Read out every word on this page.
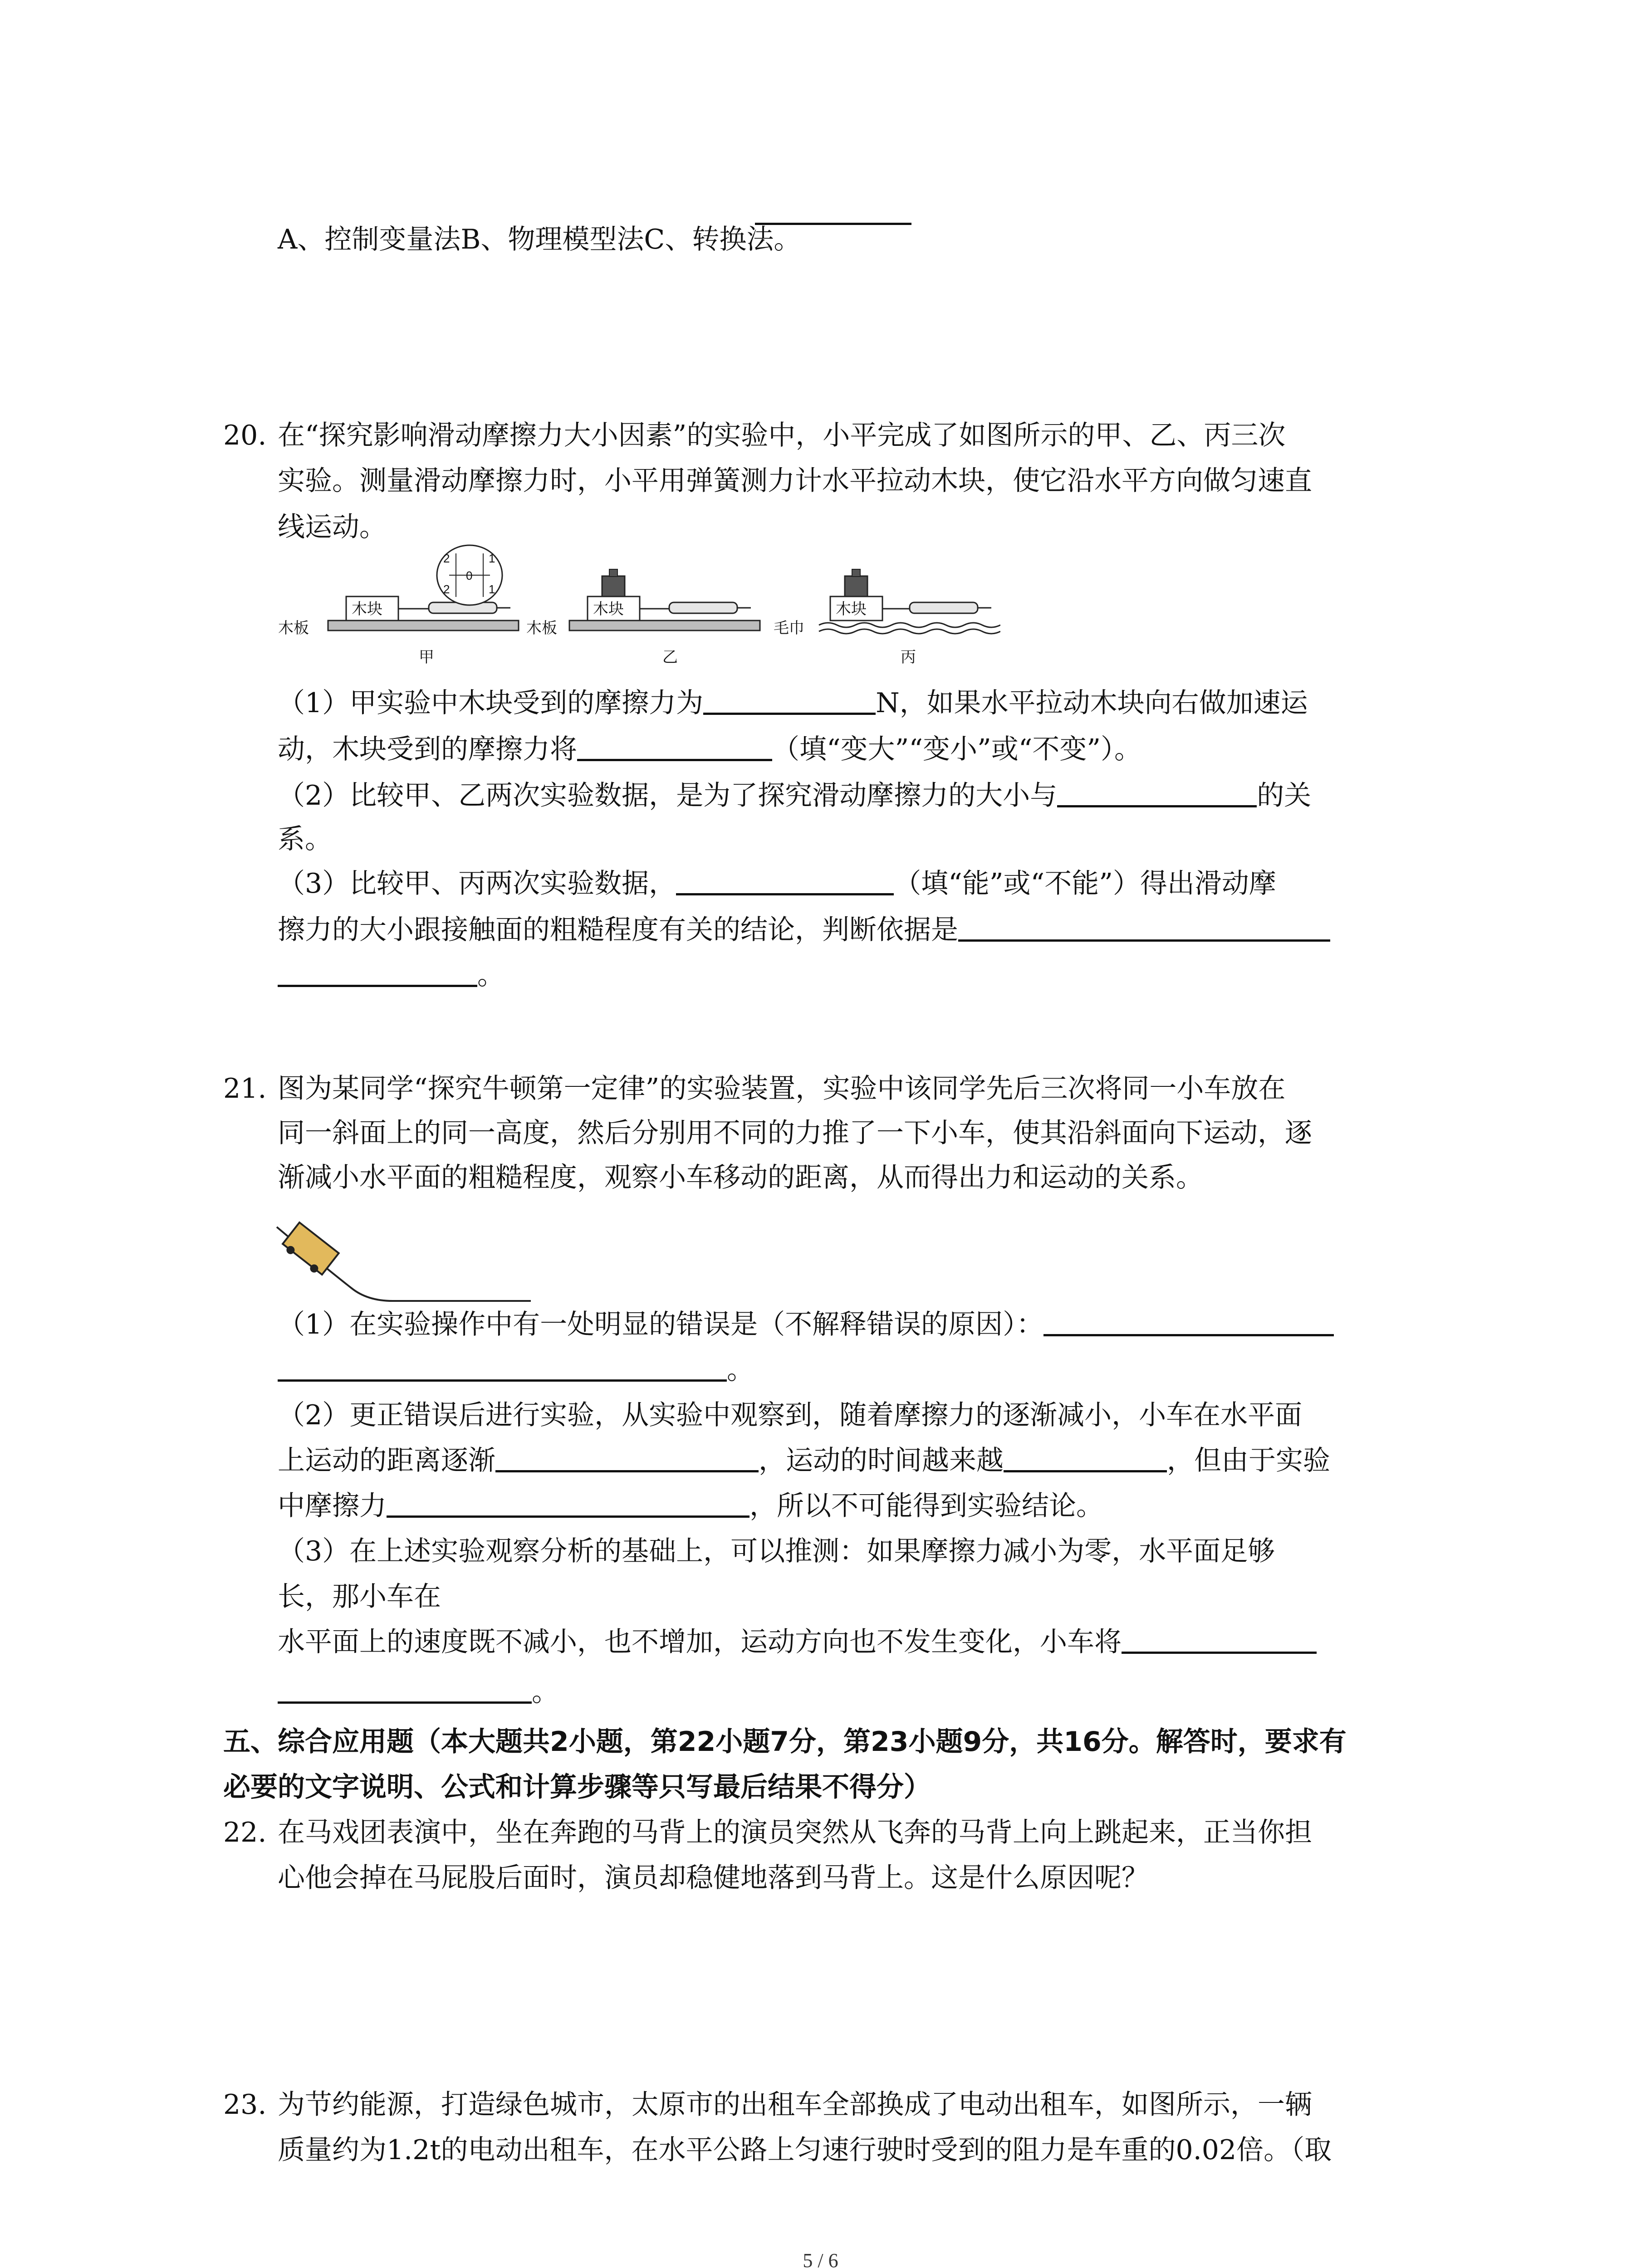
A、控制变量法B、物理模型法C、转换法。
20. 在“探究影响滑动摩擦力大小因素”的实验中，小平完成了如图所示的甲、乙、丙三次
实验。测量滑动摩擦力时，小平用弹簧测力计水平拉动木块，使它沿水平方向做匀速直
线运动。
木块
2	1
0
2	1
木板
甲
木块
木板
乙
木块
毛巾
丙
（1）甲实验中木块受到的摩擦力为	N，如果水平拉动木块向右做加速运
动，木块受到的摩擦力将	（填“变大”“变小”或“不变”）。
（2）比较甲、乙两次实验数据，是为了探究滑动摩擦力的大小与	的关
系。
（3）比较甲、丙两次实验数据，	（填“能”或“不能”）得出滑动摩
擦力的大小跟接触面的粗糙程度有关的结论，判断依据是
。
21. 图为某同学“探究牛顿第一定律”的实验装置，实验中该同学先后三次将同一小车放在
同一斜面上的同一高度，然后分别用不同的力推了一下小车，使其沿斜面向下运动，逐
渐减小水平面的粗糙程度，观察小车移动的距离，从而得出力和运动的关系。
（1）在实验操作中有一处明显的错误是（不解释错误的原因）：
。
（2）更正错误后进行实验，从实验中观察到，随着摩擦力的逐渐减小，小车在水平面
上运动的距离逐渐	，运动的时间越来越	，但由于实验
中摩擦力	，所以不可能得到实验结论。
（3）在上述实验观察分析的基础上，可以推测：如果摩擦力减小为零，水平面足够
长，那小车在
水平面上的速度既不减小，也不增加，运动方向也不发生变化，小车将
。
五、综合应用题（本大题共2小题，第22小题7分，第23小题9分，共16分。解答时，要求有
必要的文字说明、公式和计算步骤等只写最后结果不得分）
22. 在马戏团表演中，坐在奔跑的马背上的演员突然从飞奔的马背上向上跳起来，正当你担
心他会掉在马屁股后面时，演员却稳健地落到马背上。这是什么原因呢？
23. 为节约能源，打造绿色城市，太原市的出租车全部换成了电动出租车，如图所示，一辆
质量约为1.2t的电动出租车，在水平公路上匀速行驶时受到的阻力是车重的0.02倍。（取
5 / 6
